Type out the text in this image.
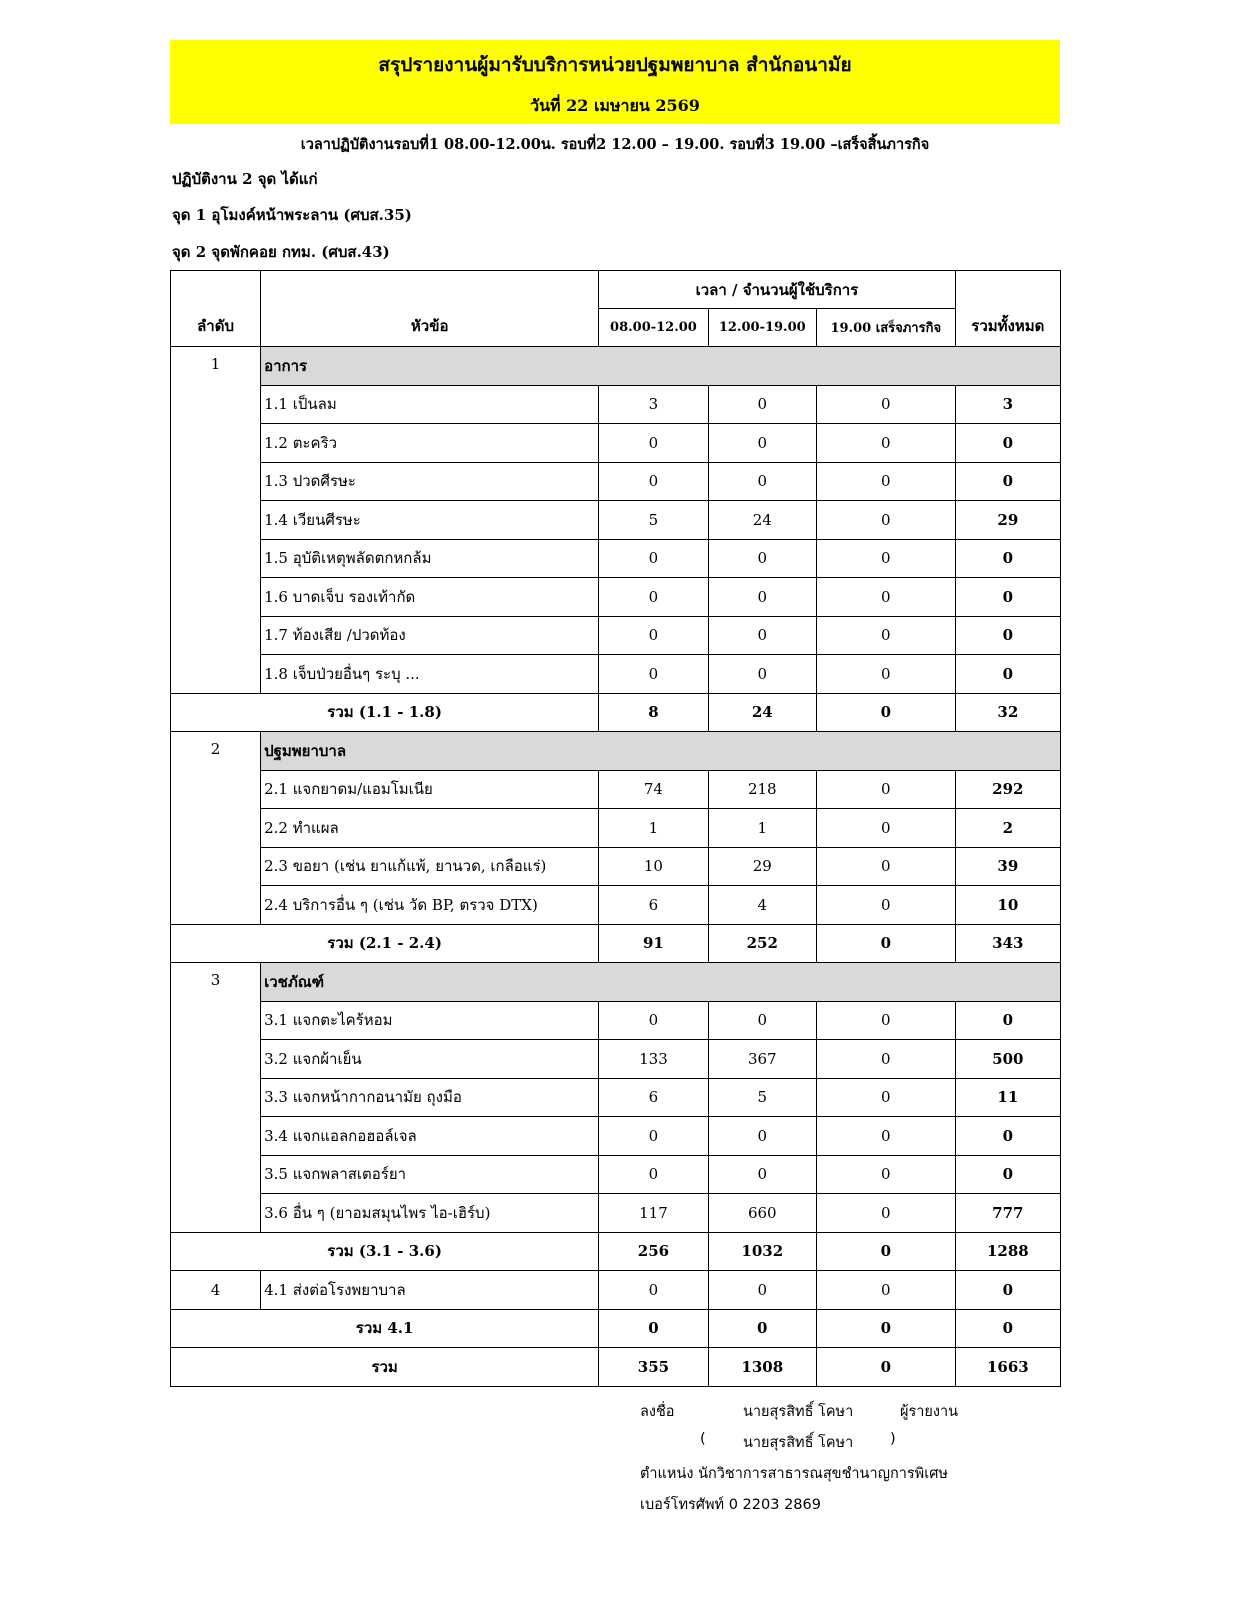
สรุปรายงานผู้มารับบริการหน่วยปฐมพยาบาล สำนักอนามัย
วันที่ 22 เมษายน 2569
เวลาปฏิบัติงานรอบที่1 08.00-12.00น. รอบที่2 12.00 – 19.00. รอบที่3 19.00 –เสร็จสิ้นภารกิจ
ปฏิบัติงาน 2 จุด ได้แก่
จุด 1 อุโมงค์หน้าพระลาน (ศบส.35)
จุด 2 จุดพักคอย กทม. (ศบส.43)
ลำดับ	หัวข้อ	เวลา / จำนวนผู้ใช้บริการ			รวมทั้งหมด
		08.00-12.00	12.00-19.00	19.00 เสร็จภารกิจ	
1	อาการ				
	1.1 เป็นลม	3	0	0	3
	1.2 ตะคริว	0	0	0	0
	1.3 ปวดศีรษะ	0	0	0	0
	1.4 เวียนศีรษะ	5	24	0	29
	1.5 อุบัติเหตุพลัดตกหกล้ม	0	0	0	0
	1.6 บาดเจ็บ รองเท้ากัด	0	0	0	0
	1.7 ท้องเสีย /ปวดท้อง	0	0	0	0
	1.8 เจ็บป่วยอื่นๆ ระบุ ...	0	0	0	0
รวม (1.1 - 1.8)		8	24	0	32
2	ปฐมพยาบาล				
	2.1 แจกยาดม/แอมโมเนีย	74	218	0	292
	2.2 ทำแผล	1	1	0	2
	2.3 ขอยา (เช่น ยาแก้แพ้, ยานวด, เกลือแร่)	10	29	0	39
	2.4 บริการอื่น ๆ (เช่น วัด BP, ตรวจ DTX)	6	4	0	10
รวม (2.1 - 2.4)		91	252	0	343
3	เวชภัณฑ์				
	3.1 แจกตะไคร้หอม	0	0	0	0
	3.2 แจกผ้าเย็น	133	367	0	500
	3.3 แจกหน้ากากอนามัย ถุงมือ	6	5	0	11
	3.4 แจกแอลกอฮอล์เจล	0	0	0	0
	3.5 แจกพลาสเตอร์ยา	0	0	0	0
	3.6 อื่น ๆ (ยาอมสมุนไพร ไอ-เฮิร์บ)	117	660	0	777
รวม (3.1 - 3.6)		256	1032	0	1288
4	4.1 ส่งต่อโรงพยาบาล	0	0	0	0
รวม 4.1		0	0	0	0
รวม		355	1308	0	1663
ลงชื่อ	นายสุรสิทธิ์ โคษา	ผู้รายงาน
(	นายสุรสิทธิ์ โคษา	)
ตำแหน่ง นักวิชาการสาธารณสุขชำนาญการพิเศษ
เบอร์โทรศัพท์ 0 2203 2869
